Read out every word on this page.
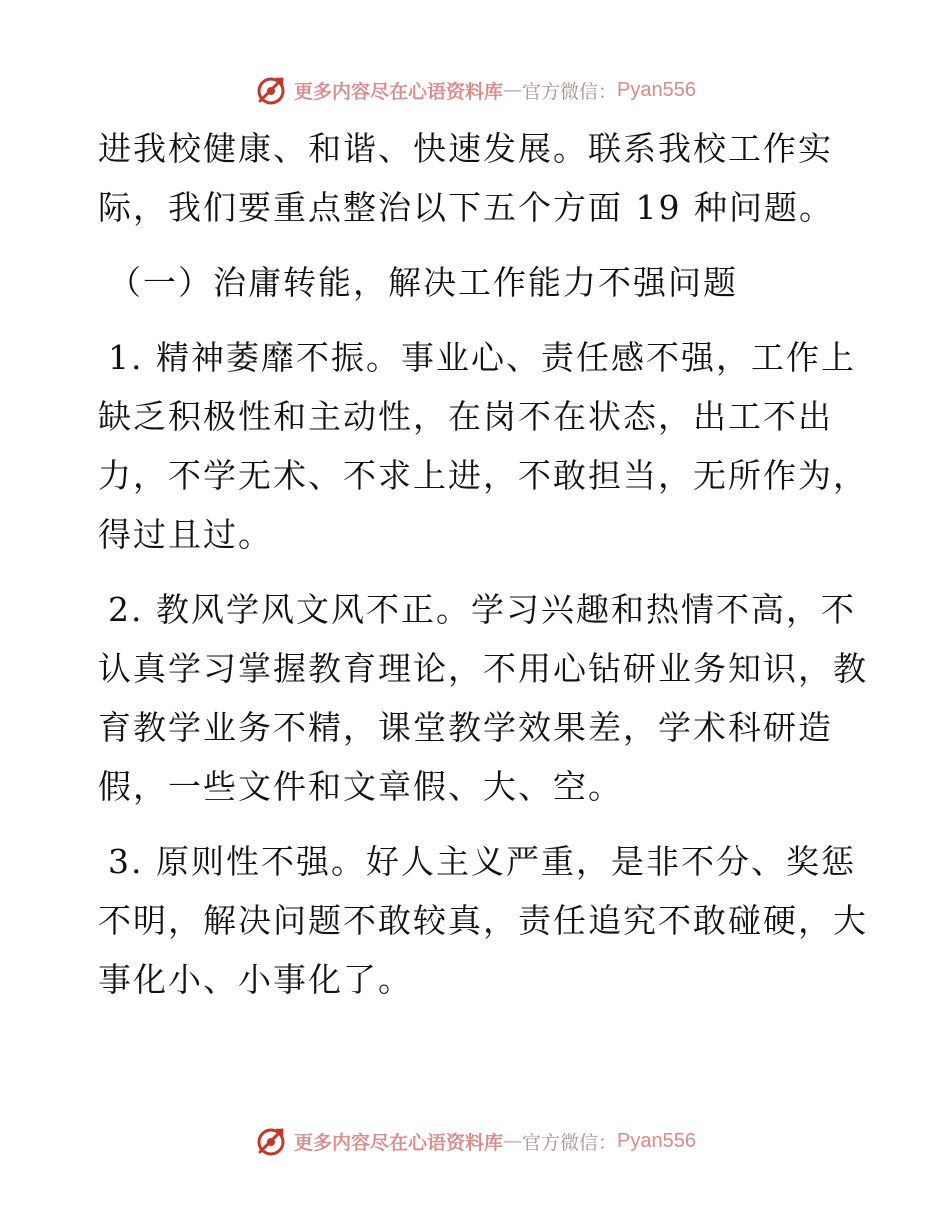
更多内容尽在心语资料库 — 官方微信： Pyan556

进我校健康、和谐、快速发展。联系我校工作实
际，我们要重点整治以下五个方面 19 种问题。

（一）治庸转能，解决工作能力不强问题

1. 精神萎靡不振。事业心、责任感不强，工作上
缺乏积极性和主动性，在岗不在状态，出工不出
力，不学无术、不求上进，不敢担当，无所作为，
得过且过。

2. 教风学风文风不正。学习兴趣和热情不高，不
认真学习掌握教育理论，不用心钻研业务知识，教
育教学业务不精，课堂教学效果差，学术科研造
假，一些文件和文章假、大、空。

3. 原则性不强。好人主义严重，是非不分、奖惩
不明，解决问题不敢较真，责任追究不敢碰硬，大
事化小、小事化了。

更多内容尽在心语资料库 — 官方微信： Pyan556
